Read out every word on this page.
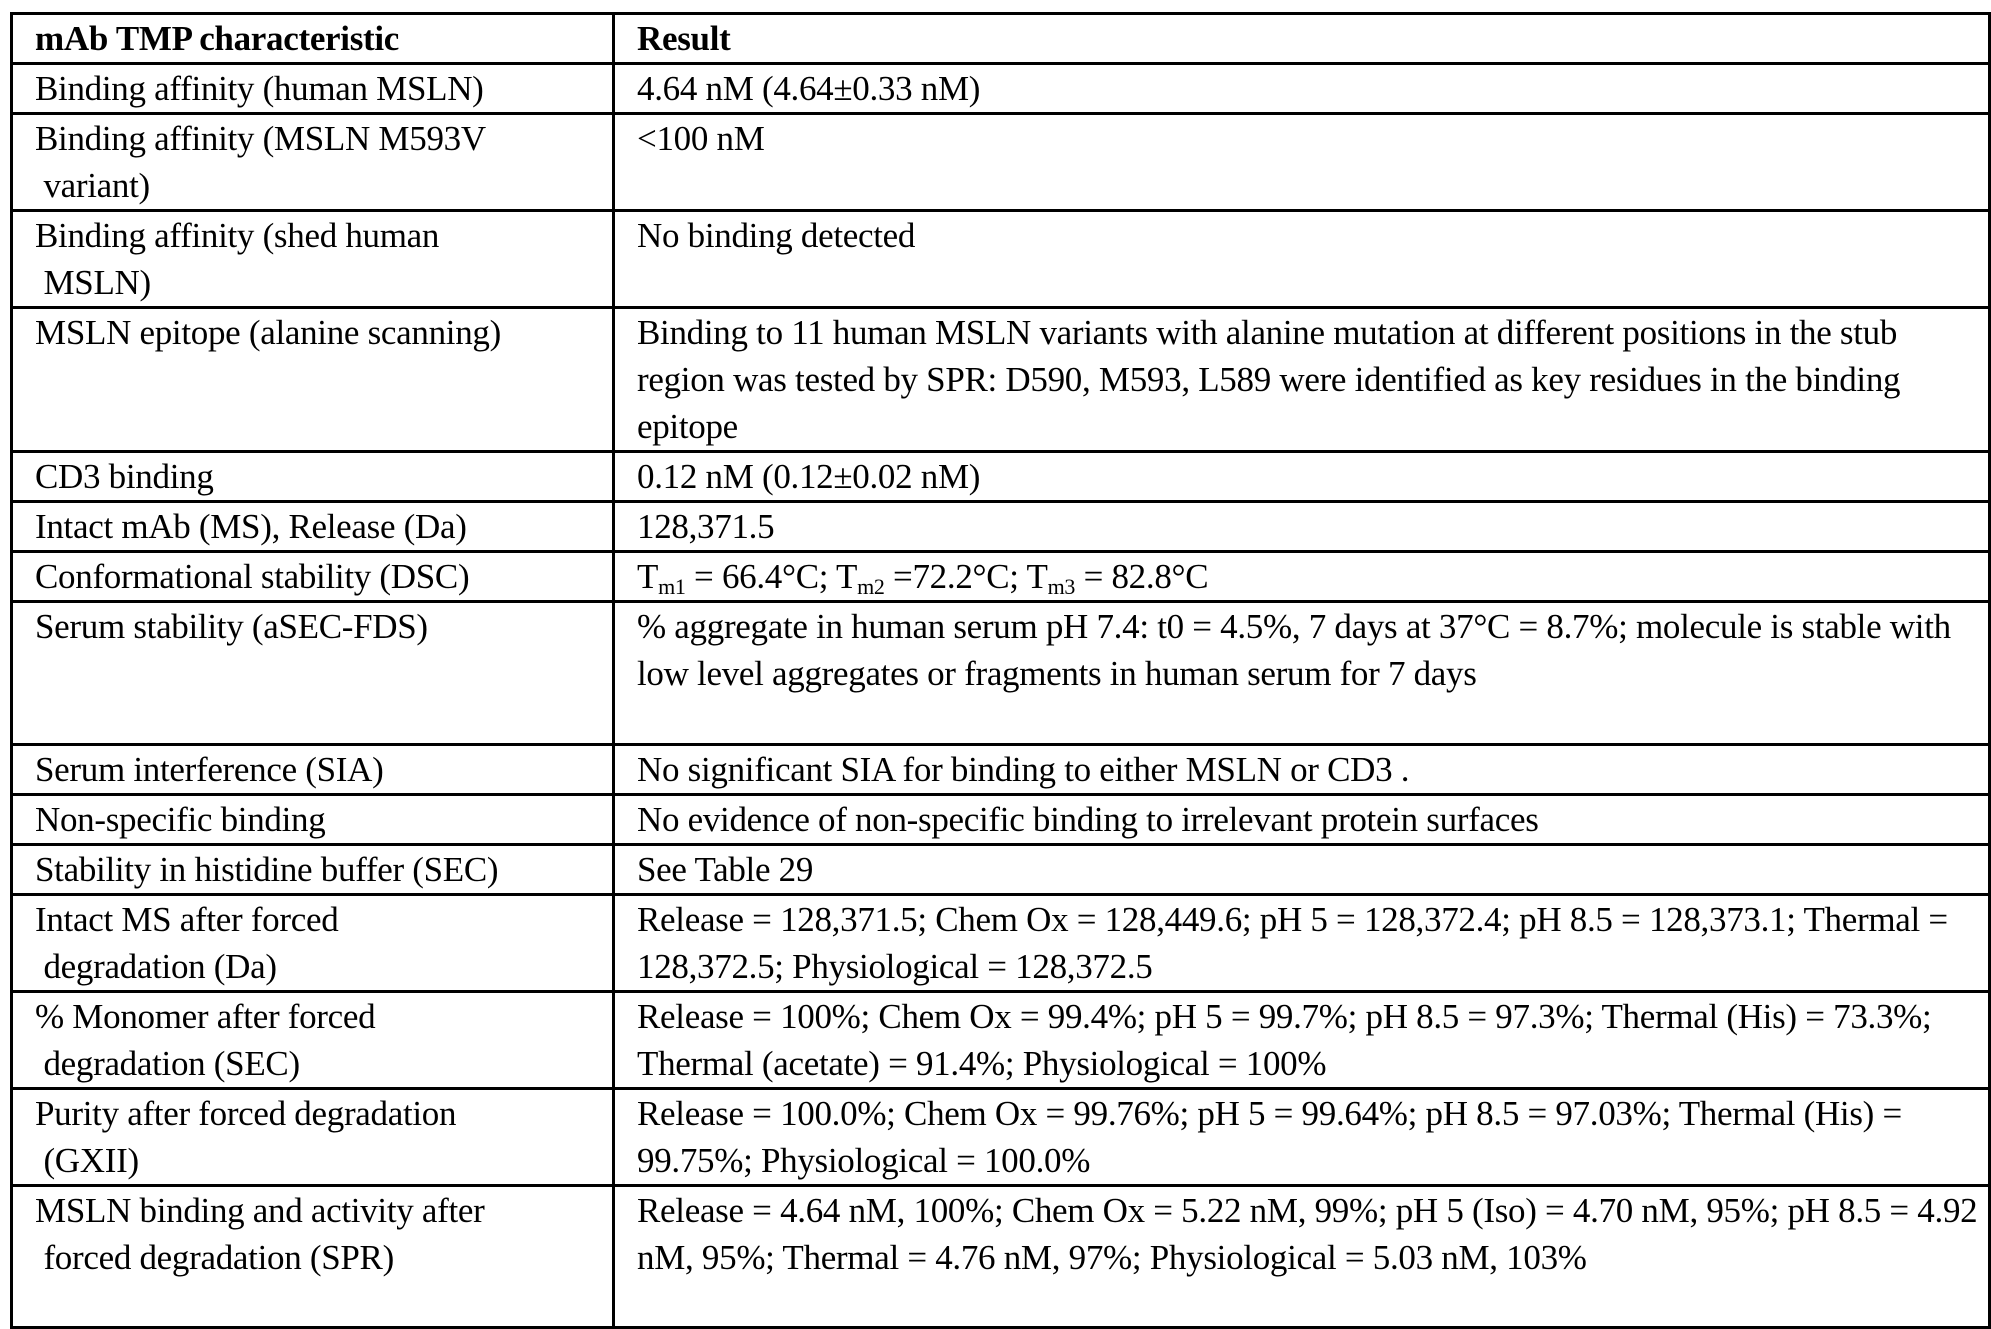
mAb TMP characteristic	Result
Binding affinity (human MSLN)	4.64 nM (4.64±0.33 nM)
Binding affinity (MSLN M593V
variant)	<100 nM
Binding affinity (shed human
MSLN)	No binding detected
MSLN epitope (alanine scanning)	Binding to 11 human MSLN variants with alanine mutation at different positions in the stub region was tested by SPR: D590, M593, L589 were identified as key residues in the binding epitope
CD3 binding	0.12 nM (0.12±0.02 nM)
Intact mAb (MS), Release (Da)	128,371.5
Conformational stability (DSC)	$T_{m1} = 66.4^\circ C$; $T_{m2} =72.2^\circ C$; $T_{m3} = 82.8^\circ C$
Serum stability (aSEC-FDS)	% aggregate in human serum pH 7.4: t0 = 4.5%, 7 days at 37°C = 8.7%; molecule is stable with low level aggregates or fragments in human serum for 7 days
Serum interference (SIA)	No significant SIA for binding to either MSLN or CD3 .
Non-specific binding	No evidence of non-specific binding to irrelevant protein surfaces
Stability in histidine buffer (SEC)	See Table 29
Intact MS after forced
degradation (Da)	Release = 128,371.5; Chem Ox = 128,449.6; pH 5 = 128,372.4; pH 8.5 = 128,373.1; Thermal = 128,372.5; Physiological = 128,372.5
% Monomer after forced
degradation (SEC)	Release = 100%; Chem Ox = 99.4%; pH 5 = 99.7%; pH 8.5 = 97.3%; Thermal (His) = 73.3%; Thermal (acetate) = 91.4%; Physiological = 100%
Purity after forced degradation
(GXII)	Release = 100.0%; Chem Ox = 99.76%; pH 5 = 99.64%; pH 8.5 = 97.03%; Thermal (His) = 99.75%; Physiological = 100.0%
MSLN binding and activity after
forced degradation (SPR)	Release = 4.64 nM, 100%; Chem Ox = 5.22 nM, 99%; pH 5 (Iso) = 4.70 nM, 95%; pH 8.5 = 4.92 nM, 95%; Thermal = 4.76 nM, 97%; Physiological = 5.03 nM, 103%
